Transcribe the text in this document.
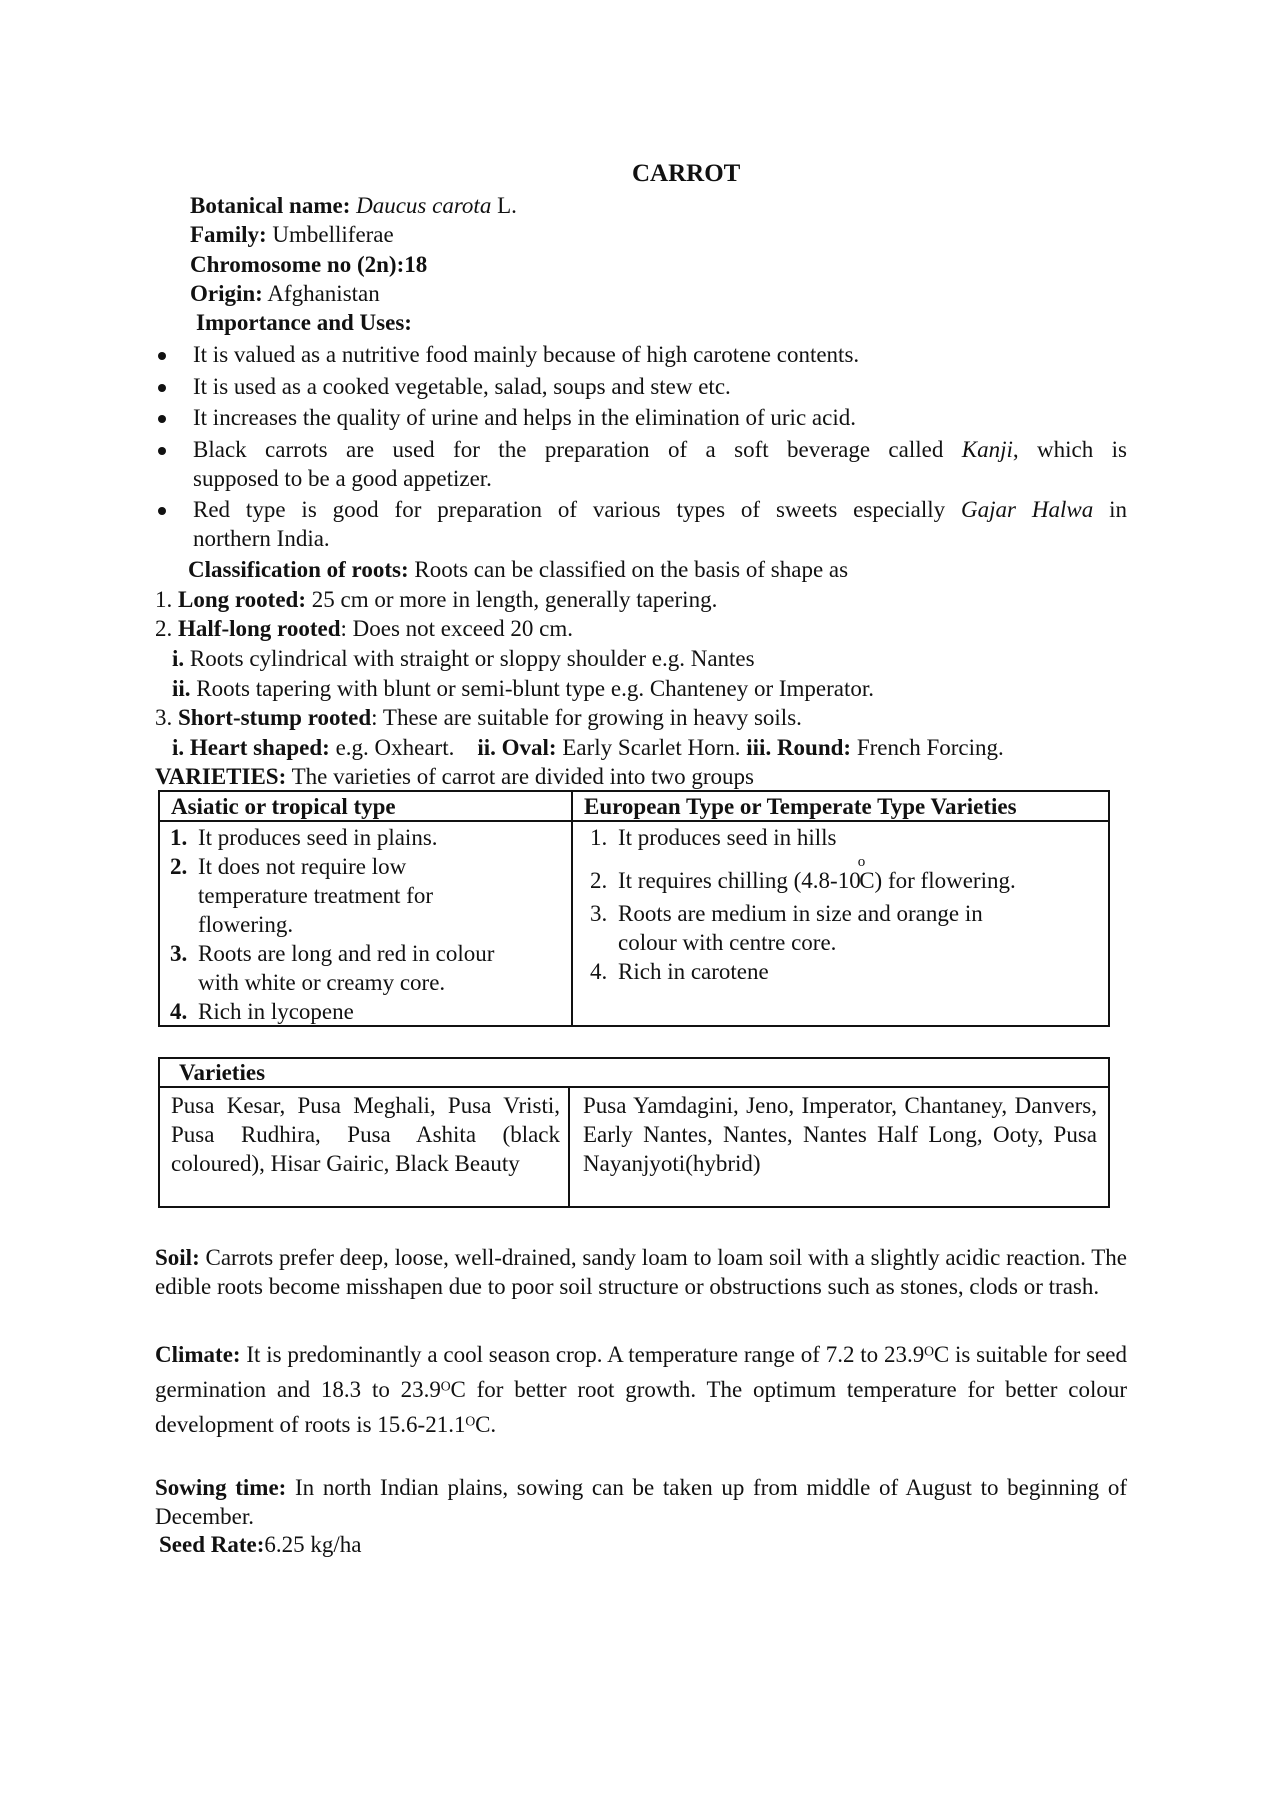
CARROT
Botanical name: Daucus carota L.
Family: Umbelliferae
Chromosome no (2n):18
Origin: Afghanistan
Importance and Uses:
It is valued as a nutritive food mainly because of high carotene contents.
It is used as a cooked vegetable, salad, soups and stew etc.
It increases the quality of urine and helps in the elimination of uric acid.
Black carrots are used for the preparation of a soft beverage called Kanji, which is
supposed to be a good appetizer.
Red type is good for preparation of various types of sweets especially Gajar Halwa in
northern India.
Classification of roots: Roots can be classified on the basis of shape as
1. Long rooted: 25 cm or more in length, generally tapering.
2. Half-long rooted: Does not exceed 20 cm.
i. Roots cylindrical with straight or sloppy shoulder e.g. Nantes
ii. Roots tapering with blunt or semi-blunt type e.g. Chanteney or Imperator.
3. Short-stump rooted: These are suitable for growing in heavy soils.
i. Heart shaped: e.g. Oxheart. ii. Oval: Early Scarlet Horn. iii. Round: French Forcing.
VARIETIES: The varieties of carrot are divided into two groups
Asiatic or tropical type	European Type or Temperate Type Varieties
1. It produces seed in plains.
2. It does not require low
temperature treatment for
flowering.
3. Roots are long and red in colour
with white or creamy core.
4. Rich in lycopene
1. It produces seed in hills
2. It requires chilling (4.8-10$^o$C) for flowering.
3. Roots are medium in size and orange in
colour with centre core.
4. Rich in carotene
Varieties
Pusa Kesar, Pusa Meghali, Pusa Vristi, Pusa Rudhira, Pusa Ashita (black coloured), Hisar Gairic, Black Beauty
Pusa Yamdagini, Jeno, Imperator, Chantaney, Danvers, Early Nantes, Nantes, Nantes Half Long, Ooty, Pusa Nayanjyoti(hybrid)
Soil: Carrots prefer deep, loose, well-drained, sandy loam to loam soil with a slightly acidic reaction. The edible roots become misshapen due to poor soil structure or obstructions such as stones, clods or trash.
Climate: It is predominantly a cool season crop. A temperature range of 7.2 to 23.9ᴼC is suitable for seed germination and 18.3 to 23.9ᴼC for better root growth. The optimum temperature for better colour development of roots is 15.6-21.1ᴼC.
Sowing time: In north Indian plains, sowing can be taken up from middle of August to beginning of December.
Seed Rate:6.25 kg/ha
